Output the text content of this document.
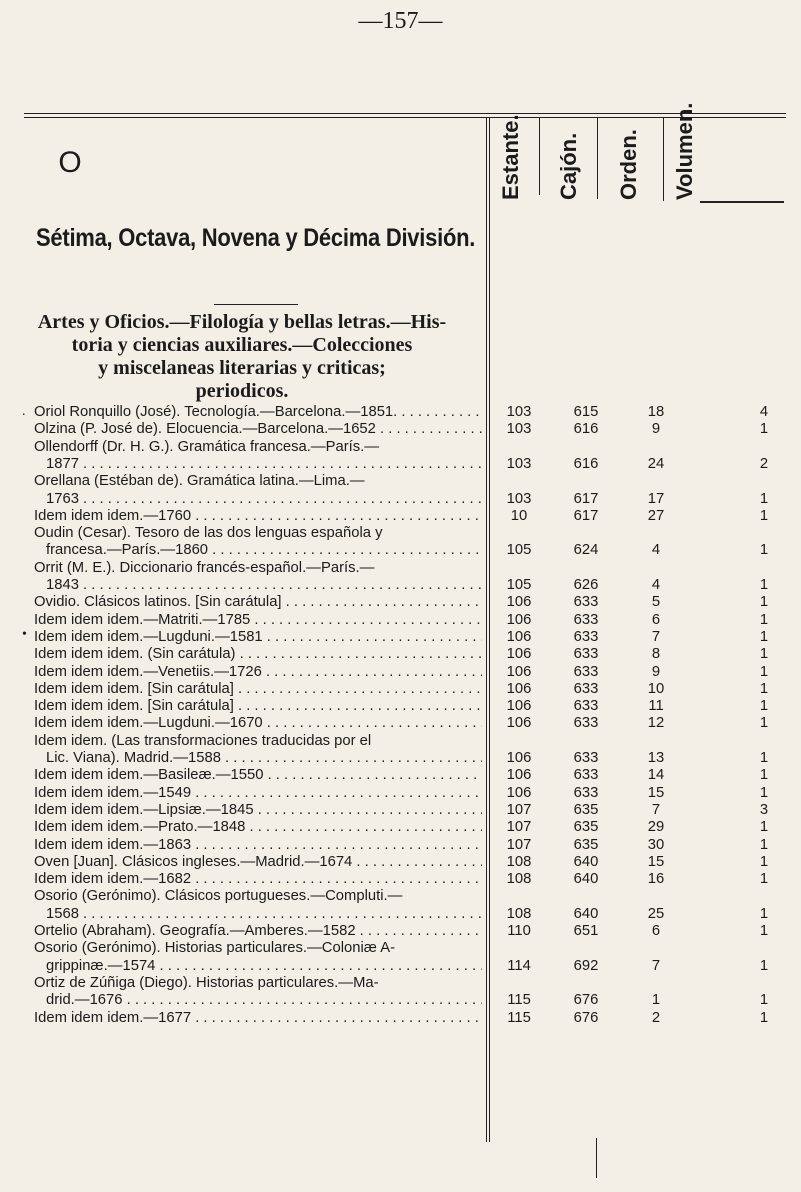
—157—
Estante. Cajón. Orden. Volumen.
O
Sétima, Octava, Novena y Décima División.
Artes y Oficios.—Filología y bellas letras.—His-
toria y ciencias auxiliares.—Colecciones
y miscelaneas literarias y criticas;
periodicos.
.
•
Oriol Ronquillo (José). Tecnología.—Barcelona.—1851. . . .	103	615	18	4
Olzina (P. José de). Elocuencia.—Barcelona.—1652 . . . . . .	103	616	9	1
Ollendorff (Dr. H. G.). Gramática francesa.—París.—
1877 . . .	103	616	24	2
Orellana (Estéban de). Gramática latina.—Lima.—
1763 . . .	103	617	17	1
Idem idem idem.—1760 . . .	10	617	27	1
Oudin (Cesar). Tesoro de las dos lenguas española y
francesa.—París.—1860 . . .	105	624	4	1
Orrit (M. E.). Diccionario francés-español.—París.—
1843 . . .	105	626	4	1
Ovidio. Clásicos latinos. [Sin carátula] . . .	106	633	5	1
Idem idem idem.—Matriti.—1785 . . .	106	633	6	1
Idem idem idem.—Lugduni.—1581 . . .	106	633	7	1
Idem idem idem. (Sin carátula) . . .	106	633	8	1
Idem idem idem.—Venetiis.—1726 . . .	106	633	9	1
Idem idem idem. [Sin carátula] . . .	106	633	10	1
Idem idem idem. [Sin carátula] . . .	106	633	11	1
Idem idem idem.—Lugduni.—1670 . . .	106	633	12	1
Idem idem. (Las transformaciones traducidas por el
Lic. Viana). Madrid.—1588 . . .	106	633	13	1
Idem idem idem.—Basileæ.—1550 . . .	106	633	14	1
Idem idem idem.—1549 . . .	106	633	15	1
Idem idem idem.—Lipsiæ.—1845 . . .	107	635	7	3
Idem idem idem.—Prato.—1848 . . .	107	635	29	1
Idem idem idem.—1863 . . .	107	635	30	1
Oven [Juan]. Clásicos ingleses.—Madrid.—1674 . . .	108	640	15	1
Idem idem idem.—1682 . . .	108	640	16	1
Osorio (Gerónimo). Clásicos portugueses.—Compluti.—
1568 . . .	108	640	25	1
Ortelio (Abraham). Geografía.—Amberes.—1582 . . .	110	651	6	1
Osorio (Gerónimo). Historias particulares.—Coloniæ A-
grippinæ.—1574 . . .	114	692	7	1
Ortiz de Zúñiga (Diego). Historias particulares.—Ma-
drid.—1676 . . .	115	676	1	1
Idem idem idem.—1677 . . .	115	676	2	1
